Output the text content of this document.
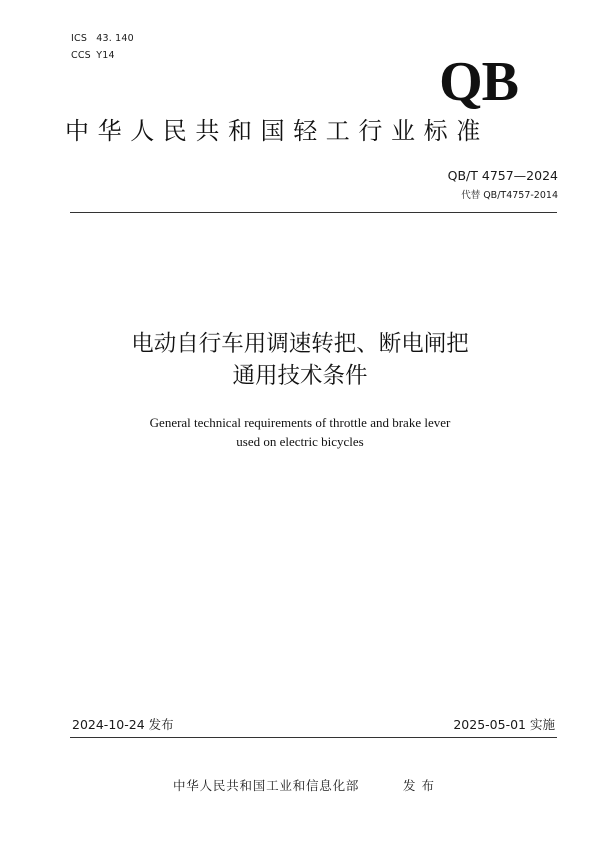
ICS 43. 140
CCS Y14	QB
中华人民共和国轻工行业标准
QB/T 4757—2024
代替 QB/T4757-2014
电动自行车用调速转把、断电闸把
通用技术条件
General technical requirements of throttle and brake lever
used on electric bicycles
2024-10-24 发布	2025-05-01 实施
中华人民共和国工业和信息化部	发布
